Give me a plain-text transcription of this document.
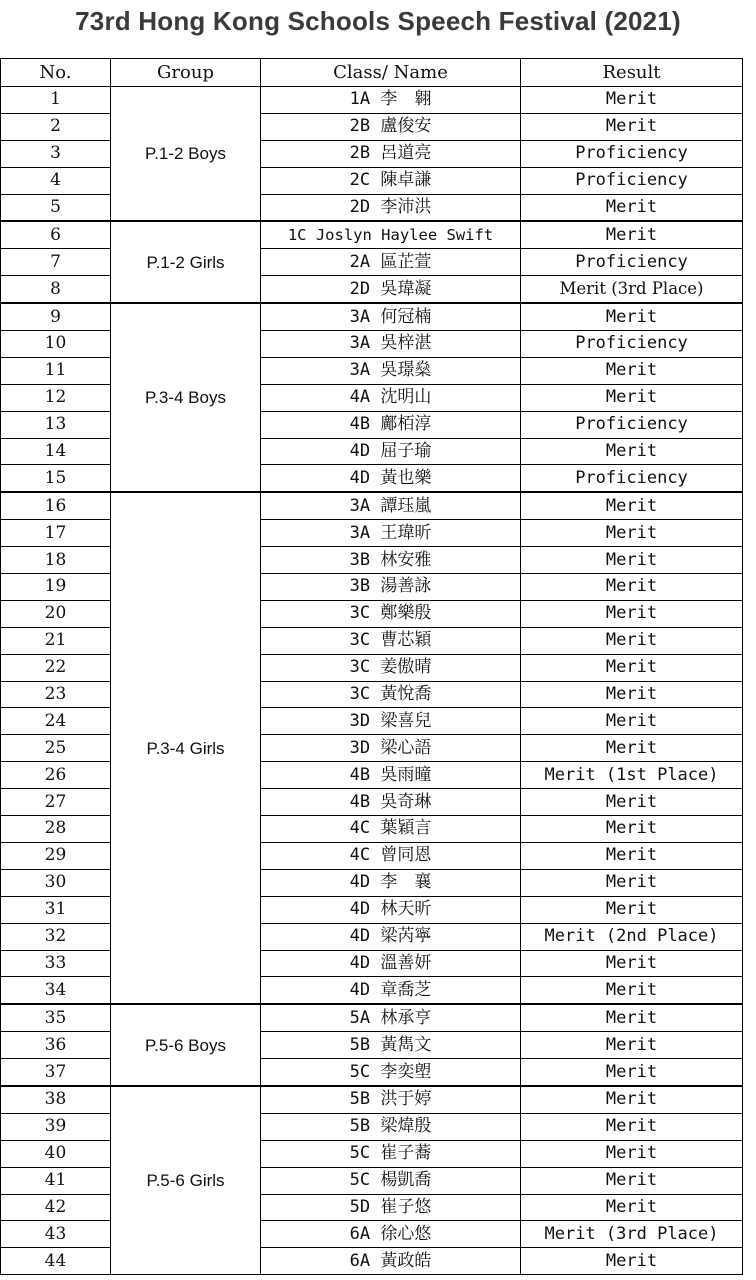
73rd Hong Kong Schools Speech Festival (2021)
No.	Group	Class/ Name	Result
1	P.1-2 Boys	1A 李　翱	Merit
2		2B 盧俊安	Merit
3		2B 呂道亮	Proficiency
4		2C 陳卓謙	Proficiency
5		2D 李沛洪	Merit
6	P.1-2 Girls	1C Joslyn Haylee Swift	Merit
7		2A 區芷萱	Proficiency
8		2D 吳瑋凝	Merit (3rd Place)
9	P.3-4 Boys	3A 何冠楠	Merit
10		3A 吳梓湛	Proficiency
11		3A 吳璟燊	Merit
12		4A 沈明山	Merit
13		4B 鄺栢淳	Proficiency
14		4D 屈子瑜	Merit
15		4D 黃也樂	Proficiency
16	P.3-4 Girls	3A 譚珏嵐	Merit
17		3A 王瑋昕	Merit
18		3B 林安雅	Merit
19		3B 湯善詠	Merit
20		3C 鄭樂殷	Merit
21		3C 曹芯穎	Merit
22		3C 姜傲晴	Merit
23		3C 黃悅喬	Merit
24		3D 梁喜兒	Merit
25		3D 梁心語	Merit
26		4B 吳雨曈	Merit (1st Place)
27		4B 吳奇琳	Merit
28		4C 葉穎言	Merit
29		4C 曾同恩	Merit
30		4D 李　襄	Merit
31		4D 林天昕	Merit
32		4D 梁芮寧	Merit (2nd Place)
33		4D 溫善妍	Merit
34		4D 章喬芝	Merit
35	P.5-6 Boys	5A 林承亨	Merit
36		5B 黃雋文	Merit
37		5C 李奕塱	Merit
38	P.5-6 Girls	5B 洪于婷	Merit
39		5B 梁煒殷	Merit
40		5C 崔子蕎	Merit
41		5C 楊凱喬	Merit
42		5D 崔子悠	Merit
43		6A 徐心悠	Merit (3rd Place)
44		6A 黃政皓	Merit
